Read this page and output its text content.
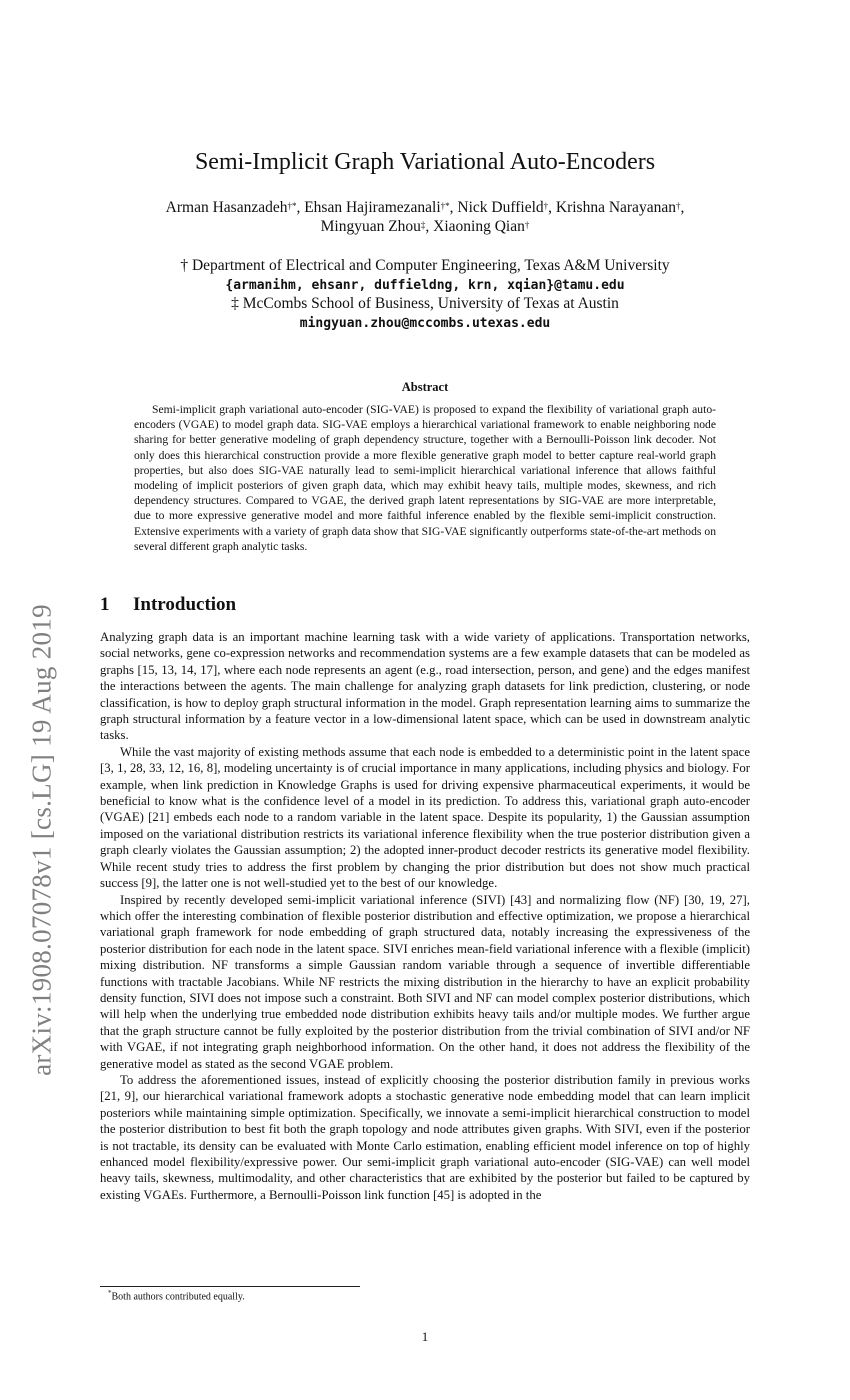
arXiv:1908.07078v1 [cs.LG] 19 Aug 2019
Semi-Implicit Graph Variational Auto-Encoders
Arman Hasanzadeh†*, Ehsan Hajiramezanali†*, Nick Duffield†, Krishna Narayanan†,
Mingyuan Zhou‡, Xiaoning Qian†
† Department of Electrical and Computer Engineering, Texas A&M University
{armanihm, ehsanr, duffieldng, krn, xqian}@tamu.edu
‡ McCombs School of Business, University of Texas at Austin
mingyuan.zhou@mccombs.utexas.edu
Abstract

Semi-implicit graph variational auto-encoder (SIG-VAE) is proposed to expand the flexibility of variational graph auto-encoders (VGAE) to model graph data. SIG-VAE employs a hierarchical variational framework to enable neighboring node sharing for better generative modeling of graph dependency structure, together with a Bernoulli-Poisson link decoder. Not only does this hierarchical construction provide a more flexible generative graph model to better capture real-world graph properties, but also does SIG-VAE naturally lead to semi-implicit hierarchical variational inference that allows faithful modeling of implicit posteriors of given graph data, which may exhibit heavy tails, multiple modes, skewness, and rich dependency structures. Compared to VGAE, the derived graph latent representations by SIG-VAE are more interpretable, due to more expressive generative model and more faithful inference enabled by the flexible semi-implicit construction. Extensive experiments with a variety of graph data show that SIG-VAE significantly outperforms state-of-the-art methods on several different graph analytic tasks.

1 Introduction

Analyzing graph data is an important machine learning task with a wide variety of applications. Transportation networks, social networks, gene co-expression networks and recommendation systems are a few example datasets that can be modeled as graphs [15, 13, 14, 17], where each node represents an agent (e.g., road intersection, person, and gene) and the edges manifest the interactions between the agents. The main challenge for analyzing graph datasets for link prediction, clustering, or node classification, is how to deploy graph structural information in the model. Graph representation learning aims to summarize the graph structural information by a feature vector in a low-dimensional latent space, which can be used in downstream analytic tasks.

While the vast majority of existing methods assume that each node is embedded to a deterministic point in the latent space [3, 1, 28, 33, 12, 16, 8], modeling uncertainty is of crucial importance in many applications, including physics and biology. For example, when link prediction in Knowledge Graphs is used for driving expensive pharmaceutical experiments, it would be beneficial to know what is the confidence level of a model in its prediction. To address this, variational graph auto-encoder (VGAE) [21] embeds each node to a random variable in the latent space. Despite its popularity, 1) the Gaussian assumption imposed on the variational distribution restricts its variational inference flexibility when the true posterior distribution given a graph clearly violates the Gaussian assumption; 2) the adopted inner-product decoder restricts its generative model flexibility. While recent study tries to address the first problem by changing the prior distribution but does not show much practical success [9], the latter one is not well-studied yet to the best of our knowledge.

Inspired by recently developed semi-implicit variational inference (SIVI) [43] and normalizing flow (NF) [30, 19, 27], which offer the interesting combination of flexible posterior distribution and effective optimization, we propose a hierarchical variational graph framework for node embedding of graph structured data, notably increasing the expressiveness of the posterior distribution for each node in the latent space. SIVI enriches mean-field variational inference with a flexible (implicit) mixing distribution. NF transforms a simple Gaussian random variable through a sequence of invertible differentiable functions with tractable Jacobians. While NF restricts the mixing distribution in the hierarchy to have an explicit probability density function, SIVI does not impose such a constraint. Both SIVI and NF can model complex posterior distributions, which will help when the underlying true embedded node distribution exhibits heavy tails and/or multiple modes. We further argue that the graph structure cannot be fully exploited by the posterior distribution from the trivial combination of SIVI and/or NF with VGAE, if not integrating graph neighborhood information. On the other hand, it does not address the flexibility of the generative model as stated as the second VGAE problem.

To address the aforementioned issues, instead of explicitly choosing the posterior distribution family in previous works [21, 9], our hierarchical variational framework adopts a stochastic generative node embedding model that can learn implicit posteriors while maintaining simple optimization. Specifically, we innovate a semi-implicit hierarchical construction to model the posterior distribution to best fit both the graph topology and node attributes given graphs. With SIVI, even if the posterior is not tractable, its density can be evaluated with Monte Carlo estimation, enabling efficient model inference on top of highly enhanced model flexibility/expressive power. Our semi-implicit graph variational auto-encoder (SIG-VAE) can well model heavy tails, skewness, multimodality, and other characteristics that are exhibited by the posterior but failed to be captured by existing VGAEs. Furthermore, a Bernoulli-Poisson link function [45] is adopted in the

*Both authors contributed equally.
1
